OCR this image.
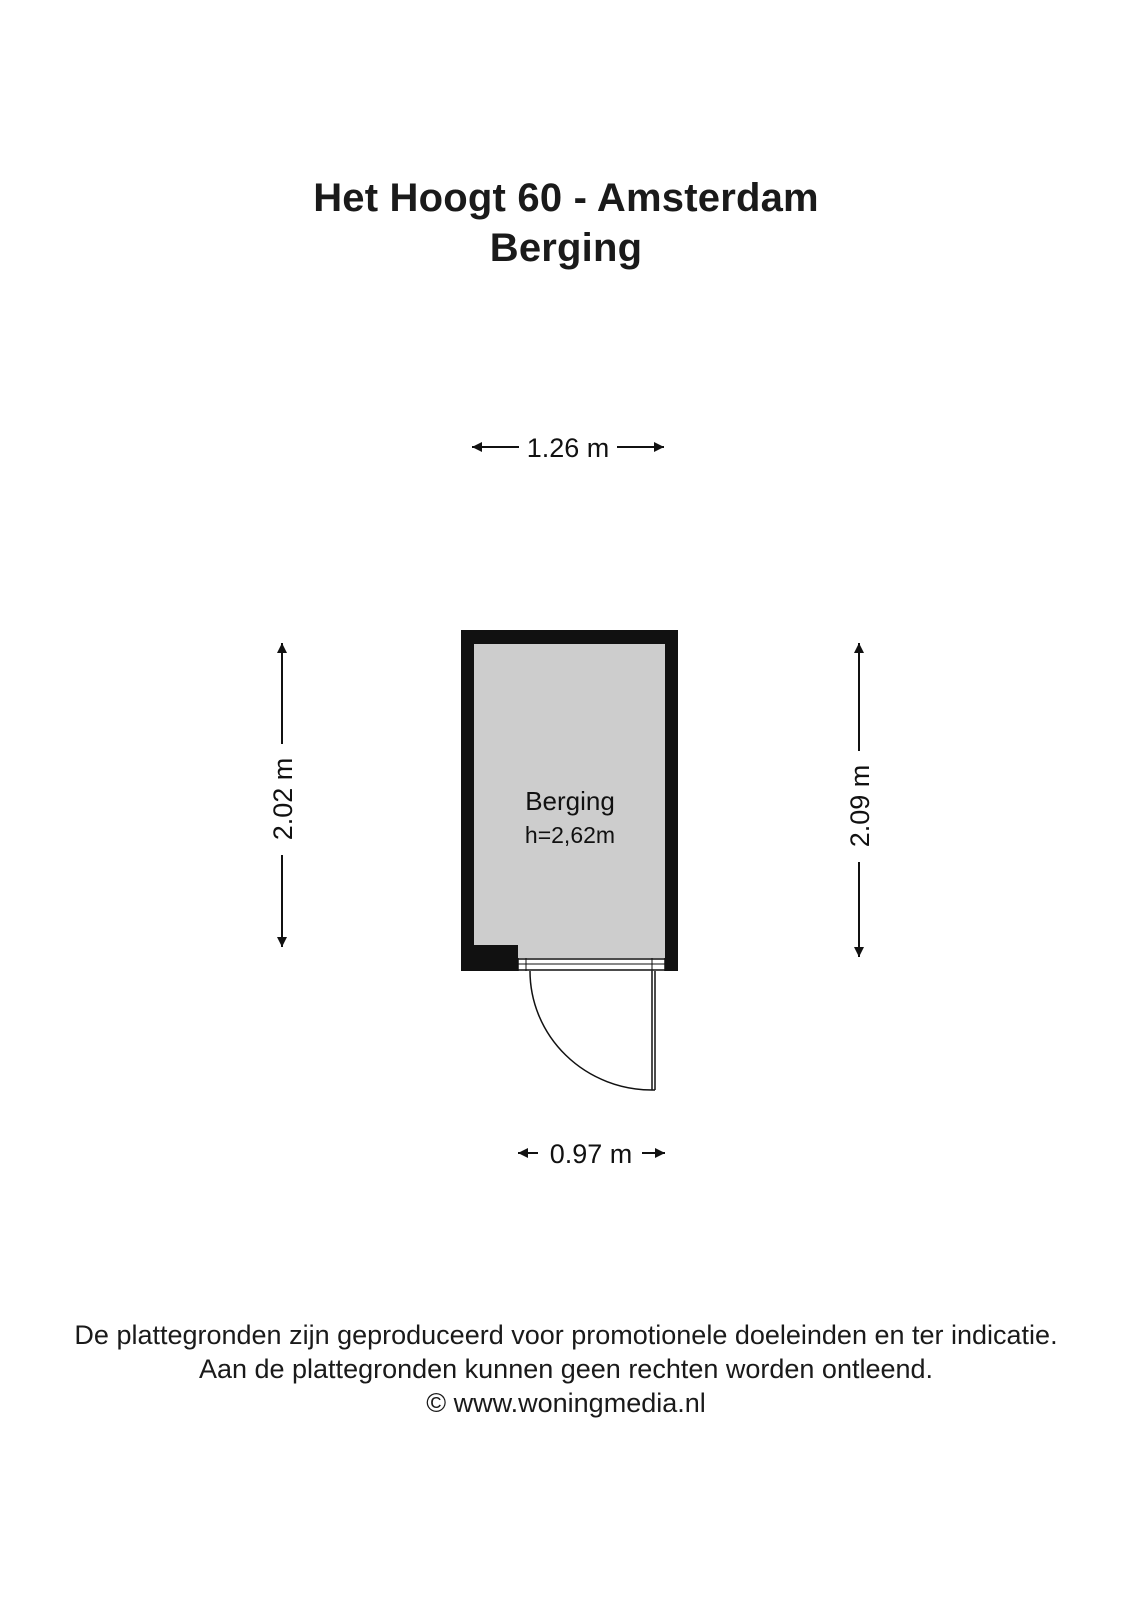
Het Hoogt 60 - Amsterdam
Berging
1.26 m
2.02 m	2.09 m
Berging
h=2,62m
0.97 m
De plattegronden zijn geproduceerd voor promotionele doeleinden en ter indicatie.
Aan de plattegronden kunnen geen rechten worden ontleend.
© www.woningmedia.nl
